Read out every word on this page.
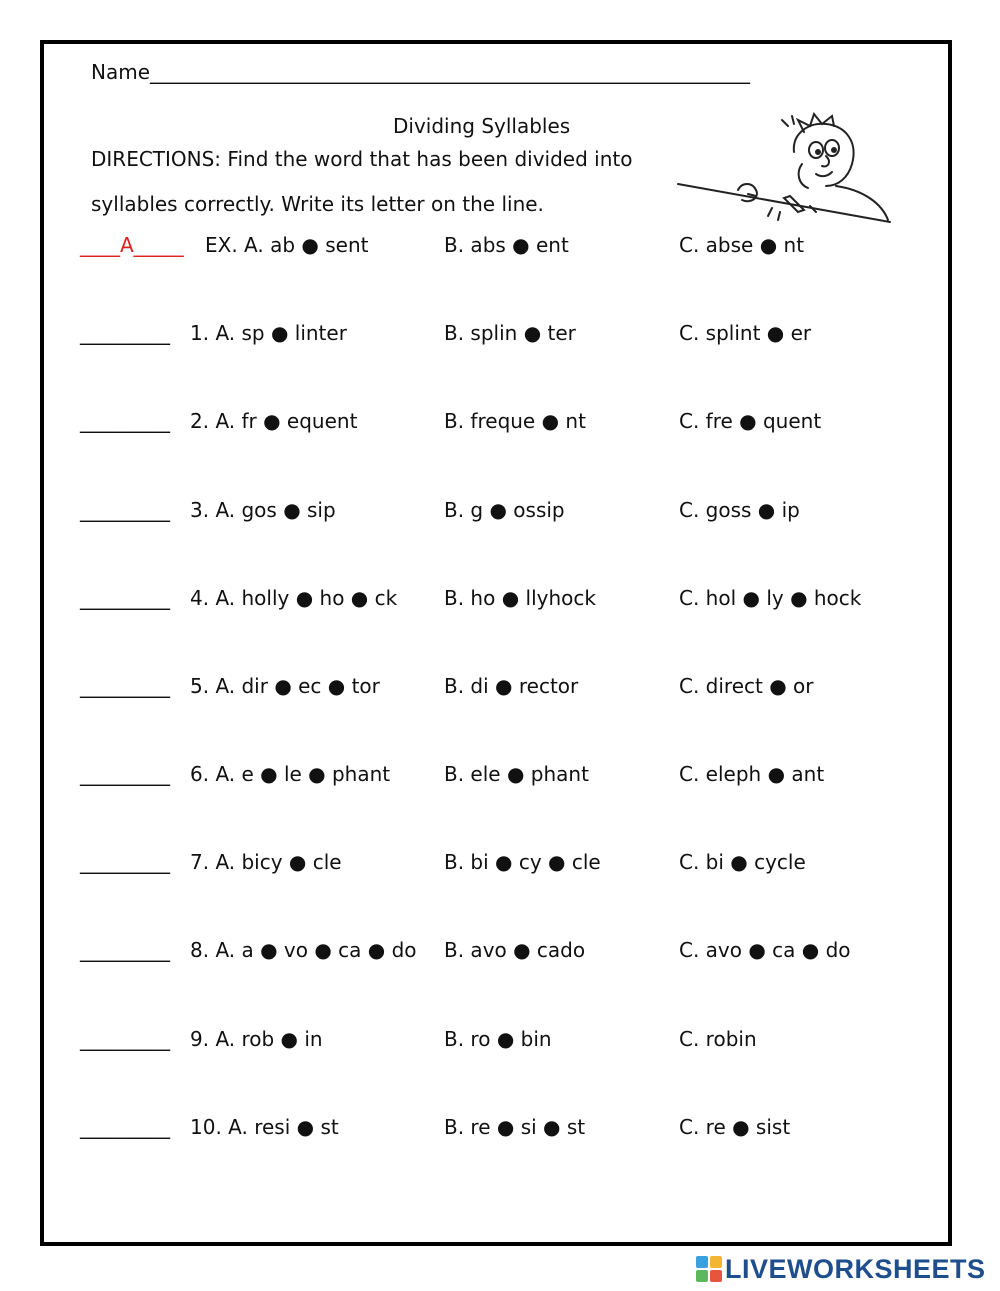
Name____________________________________________________________
Dividing Syllables
DIRECTIONS: Find the word that has been divided into
syllables correctly. Write its letter on the line.
____A_____ EX. A. ab ● sent	B. abs ● ent	C. abse ● nt
_________ 1. A. sp ● linter	B. splin ● ter	C. splint ● er
_________ 2. A. fr ● equent	B. freque ● nt	C. fre ● quent
_________ 3. A. gos ● sip	B. g ● ossip	C. goss ● ip
_________ 4. A. holly ● ho ● ck B. ho ● llyhock	C. hol ● ly ● hock
_________ 5. A. dir ● ec ● tor	B. di ● rector	C. direct ● or
_________ 6. A. e ● le ● phant	B. ele ● phant	C. eleph ● ant
_________ 7. A. bicy ● cle	B. bi ● cy ● cle	C. bi ● cycle
_________ 8. A. a ● vo ● ca ● do B. avo ● cado	C. avo ● ca ● do
_________ 9. A. rob ● in	B. ro ● bin	C. robin
_________ 10. A. resi ● st	B. re ● si ● st	C. re ● sist
LIVEWORKSHEETS
